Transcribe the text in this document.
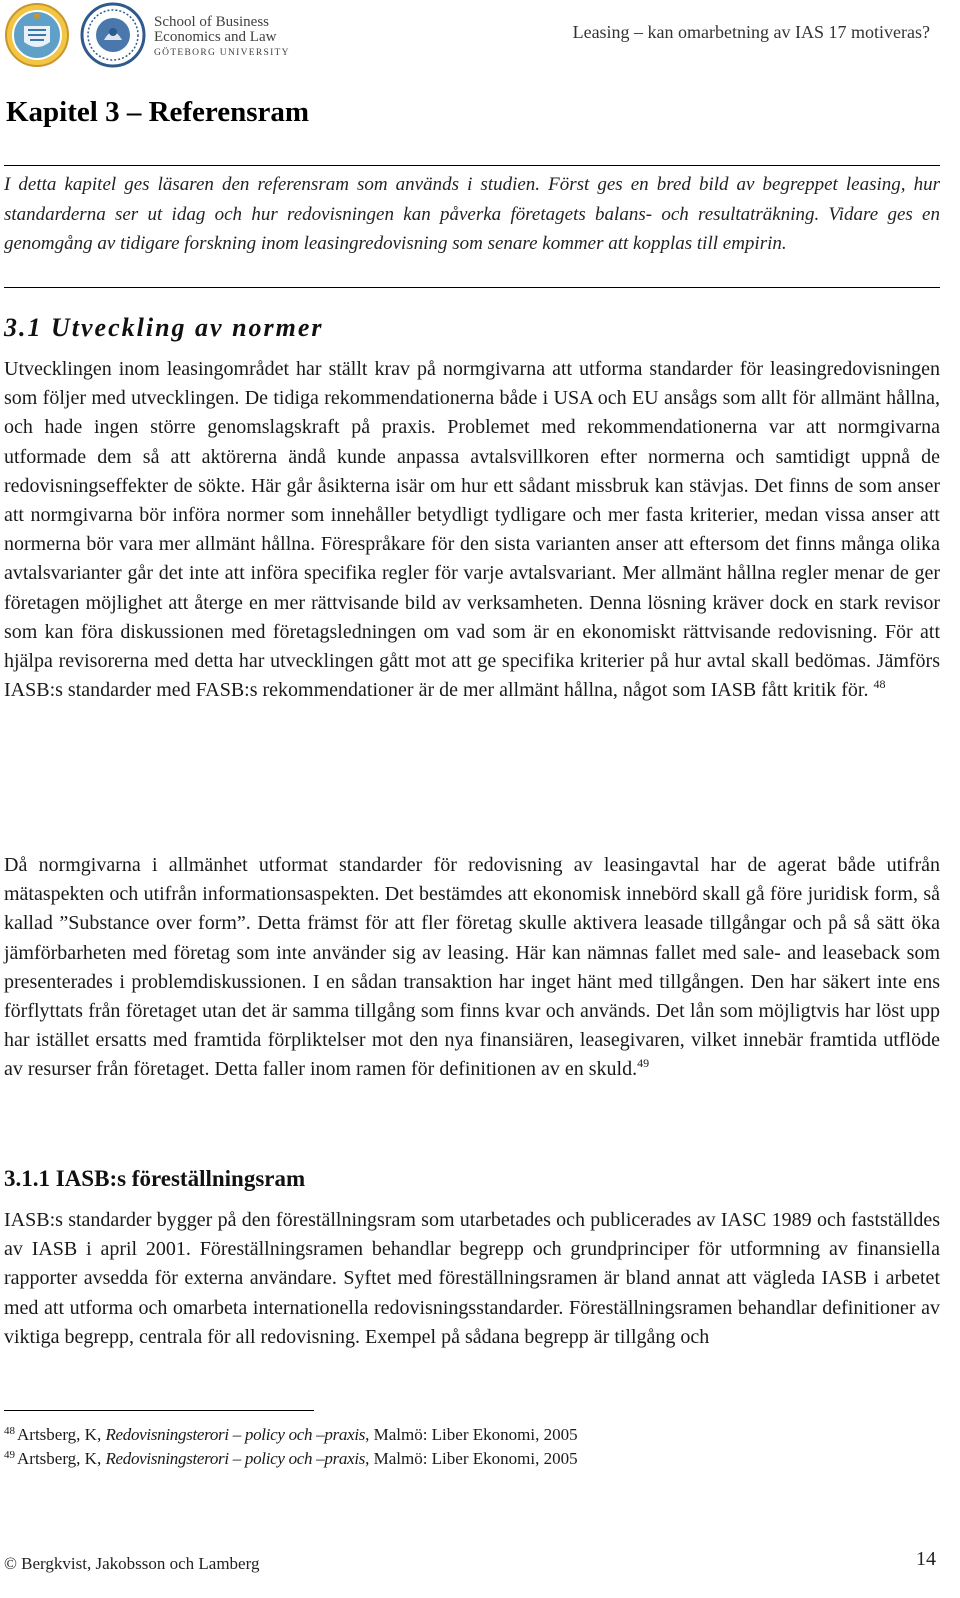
School of Business
Economics and Law
GÖTEBORG UNIVERSITY
Leasing – kan omarbetning av IAS 17 motiveras?
Kapitel 3 – Referensram

I detta kapitel ges läsaren den referensram som används i studien. Först ges en bred bild av begreppet leasing, hur standarderna ser ut idag och hur redovisningen kan påverka företagets balans- och resultaträkning. Vidare ges en genomgång av tidigare forskning inom leasingredovisning som senare kommer att kopplas till empirin.

3.1 Utveckling av normer

Utvecklingen inom leasingområdet har ställt krav på normgivarna att utforma standarder för leasingredovisningen som följer med utvecklingen. De tidiga rekommendationerna både i USA och EU ansågs som allt för allmänt hållna, och hade ingen större genomslagskraft på praxis. Problemet med rekommendationerna var att normgivarna utformade dem så att aktörerna ändå kunde anpassa avtalsvillkoren efter normerna och samtidigt uppnå de redovisningseffekter de sökte. Här går åsikterna isär om hur ett sådant missbruk kan stävjas. Det finns de som anser att normgivarna bör införa normer som innehåller betydligt tydligare och mer fasta kriterier, medan vissa anser att normerna bör vara mer allmänt hållna. Förespråkare för den sista varianten anser att eftersom det finns många olika avtalsvarianter går det inte att införa specifika regler för varje avtalsvariant. Mer allmänt hållna regler menar de ger företagen möjlighet att återge en mer rättvisande bild av verksamheten. Denna lösning kräver dock en stark revisor som kan föra diskussionen med företagsledningen om vad som är en ekonomiskt rättvisande redovisning. För att hjälpa revisorerna med detta har utvecklingen gått mot att ge specifika kriterier på hur avtal skall bedömas. Jämförs IASB:s standarder med FASB:s rekommendationer är de mer allmänt hållna, något som IASB fått kritik för. $^{48}$

Då normgivarna i allmänhet utformat standarder för redovisning av leasingavtal har de agerat både utifrån mätaspekten och utifrån informationsaspekten. Det bestämdes att ekonomisk innebörd skall gå före juridisk form, så kallad ”Substance over form”. Detta främst för att fler företag skulle aktivera leasade tillgångar och på så sätt öka jämförbarheten med företag som inte använder sig av leasing. Här kan nämnas fallet med sale- and leaseback som presenterades i problemdiskussionen. I en sådan transaktion har inget hänt med tillgången. Den har säkert inte ens förflyttats från företaget utan det är samma tillgång som finns kvar och används. Det lån som möjligtvis har löst upp har istället ersatts med framtida förpliktelser mot den nya finansiären, leasegivaren, vilket innebär framtida utflöde av resurser från företaget. Detta faller inom ramen för definitionen av en skuld.$^{49}$

3.1.1 IASB:s föreställningsram

IASB:s standarder bygger på den föreställningsram som utarbetades och publicerades av IASC 1989 och fastställdes av IASB i april 2001. Föreställningsramen behandlar begrepp och grundprinciper för utformning av finansiella rapporter avsedda för externa användare. Syftet med föreställningsramen är bland annat att vägleda IASB i arbetet med att utforma och omarbeta internationella redovisningsstandarder. Föreställningsramen behandlar definitioner av viktiga begrepp, centrala för all redovisning. Exempel på sådana begrepp är tillgång och

$^{48}$ Artsberg, K, Redovisningsterori – policy och –praxis, Malmö: Liber Ekonomi, 2005

$^{49}$ Artsberg, K, Redovisningsterori – policy och –praxis, Malmö: Liber Ekonomi, 2005

© Bergkvist, Jakobsson och Lamberg	14
